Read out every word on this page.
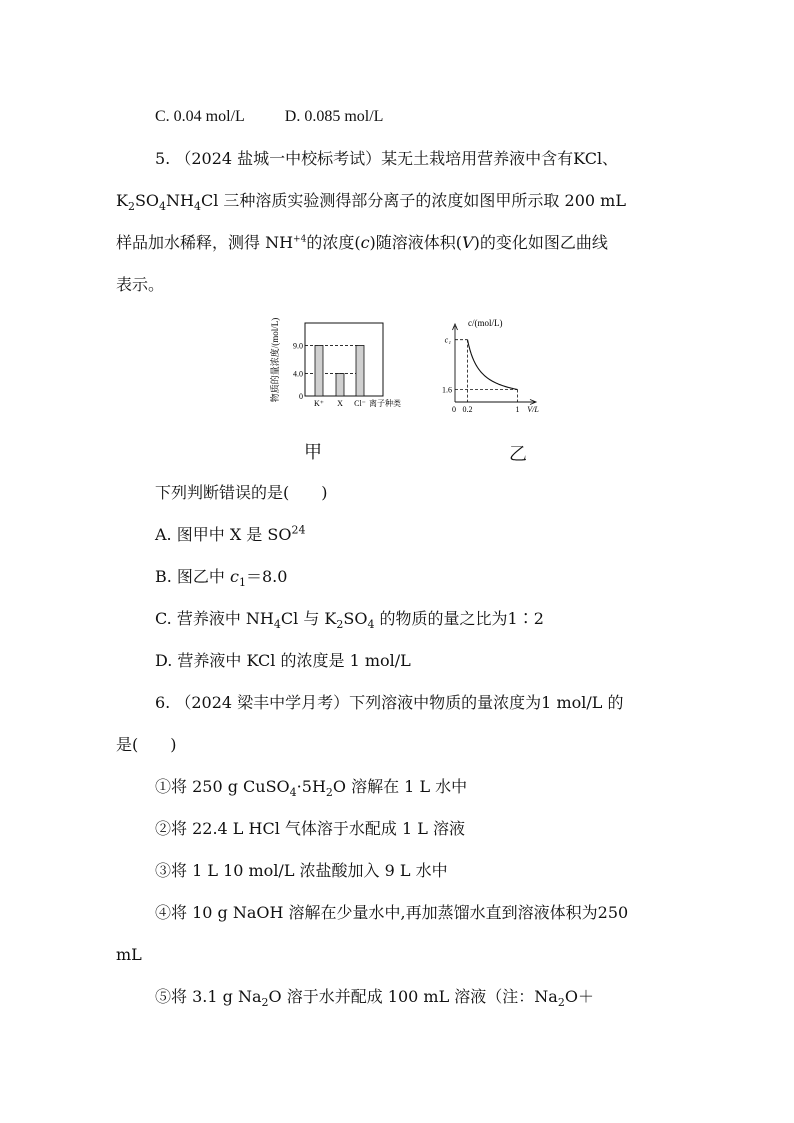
C. 0.04 mol/L	D. 0.085 mol/L
5. （2024 盐城一中校标考试）某无土栽培用营养液中含有KCl、
$K_2SO_4NH_4Cl$ 三种溶质实验测得部分离子的浓度如图甲所示取 200 mL
样品加水稀释，测得 $NH^{+4}$的浓度(c)随溶液体积(V)的变化如图乙曲线
表示。
物质的量浓度/(mol/L) 9.0
4.0
0
K⁺ X Cl⁻ 离子种类
甲
c/(mol/L)
c₁
1.6
0 0.2	1 V/L
乙
下列判断错误的是(　　)
A. 图甲中 X 是 SO$^{24}$
B. 图乙中 $c_1=8.0$
C. 营养液中 $NH_4Cl$ 与 $K_2SO_4$ 的物质的量之比为1∶2
D. 营养液中 KCl 的浓度是 1 mol/L
6. （2024 梁丰中学月考）下列溶液中物质的量浓度为1 mol/L 的
是(　　)
①将 250 g $CuSO_4\cdot 5H_2O$ 溶解在 1 L 水中
②将 22.4 L HCl 气体溶于水配成 1 L 溶液
③将 1 L 10 mol/L 浓盐酸加入 9 L 水中
④将 10 g NaOH 溶解在少量水中,再加蒸馏水直到溶液体积为250
mL
⑤将 3.1 g $Na_2O$ 溶于水并配成 100 mL 溶液（注：$Na_2O+$
